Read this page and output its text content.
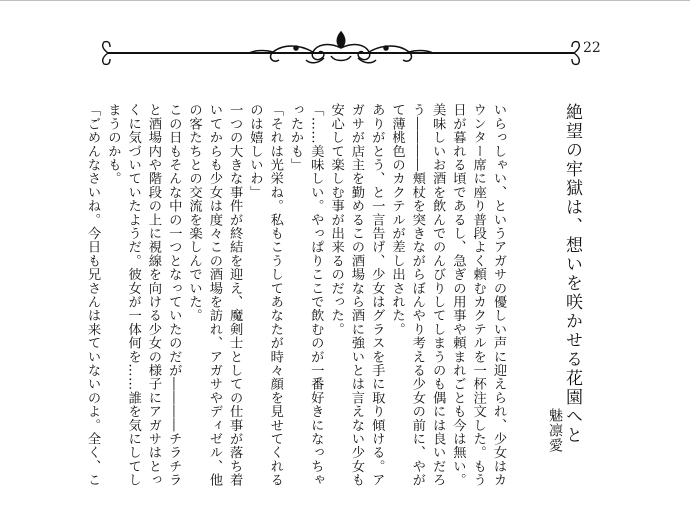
22
絶望の牢獄は、想いを咲かせる花園へと
魅凛愛

いらっしゃい、というアガサの優しい声に迎えられ、少女はカウンター席に座り普段よく頼むカクテルを一杯注文した。もう日が暮れる頃であるし、急ぎの用事や頼まれごとも今は無い。美味しいお酒を飲んでのんびりしてしまうのも偶には良いだろう――――頬杖を突きながらぼんやり考える少女の前に、やがて薄桃色のカクテルが差し出された。

ありがとう、と一言告げ、少女はグラスを手に取り傾ける。アガサが店主を勤めるこの酒場なら酒に強いとは言えない少女も安心して楽しむ事が出来るのだった。

「……美味しい。やっぱりここで飲むのが一番好きになっちゃったかも」

「それは光栄ね。私もこうしてあなたが時々顔を見せてくれるのは嬉しいわ」

一つの大きな事件が終結を迎え、魔剣士としての仕事が落ち着いてからも少女は度々この酒場を訪れ、アガサやディゼル、他の客たちとの交流を楽しんでいた。

この日もそんな中の一つとなっていたのだが――――チラチラと酒場内や階段の上に視線を向ける少女の様子にアガサはとっくに気づいていたようだ。彼女が一体何を……誰を気にしてしまうのかも。

「ごめんなさいね。今日も兄さんは来ていないのよ。全く、こ
